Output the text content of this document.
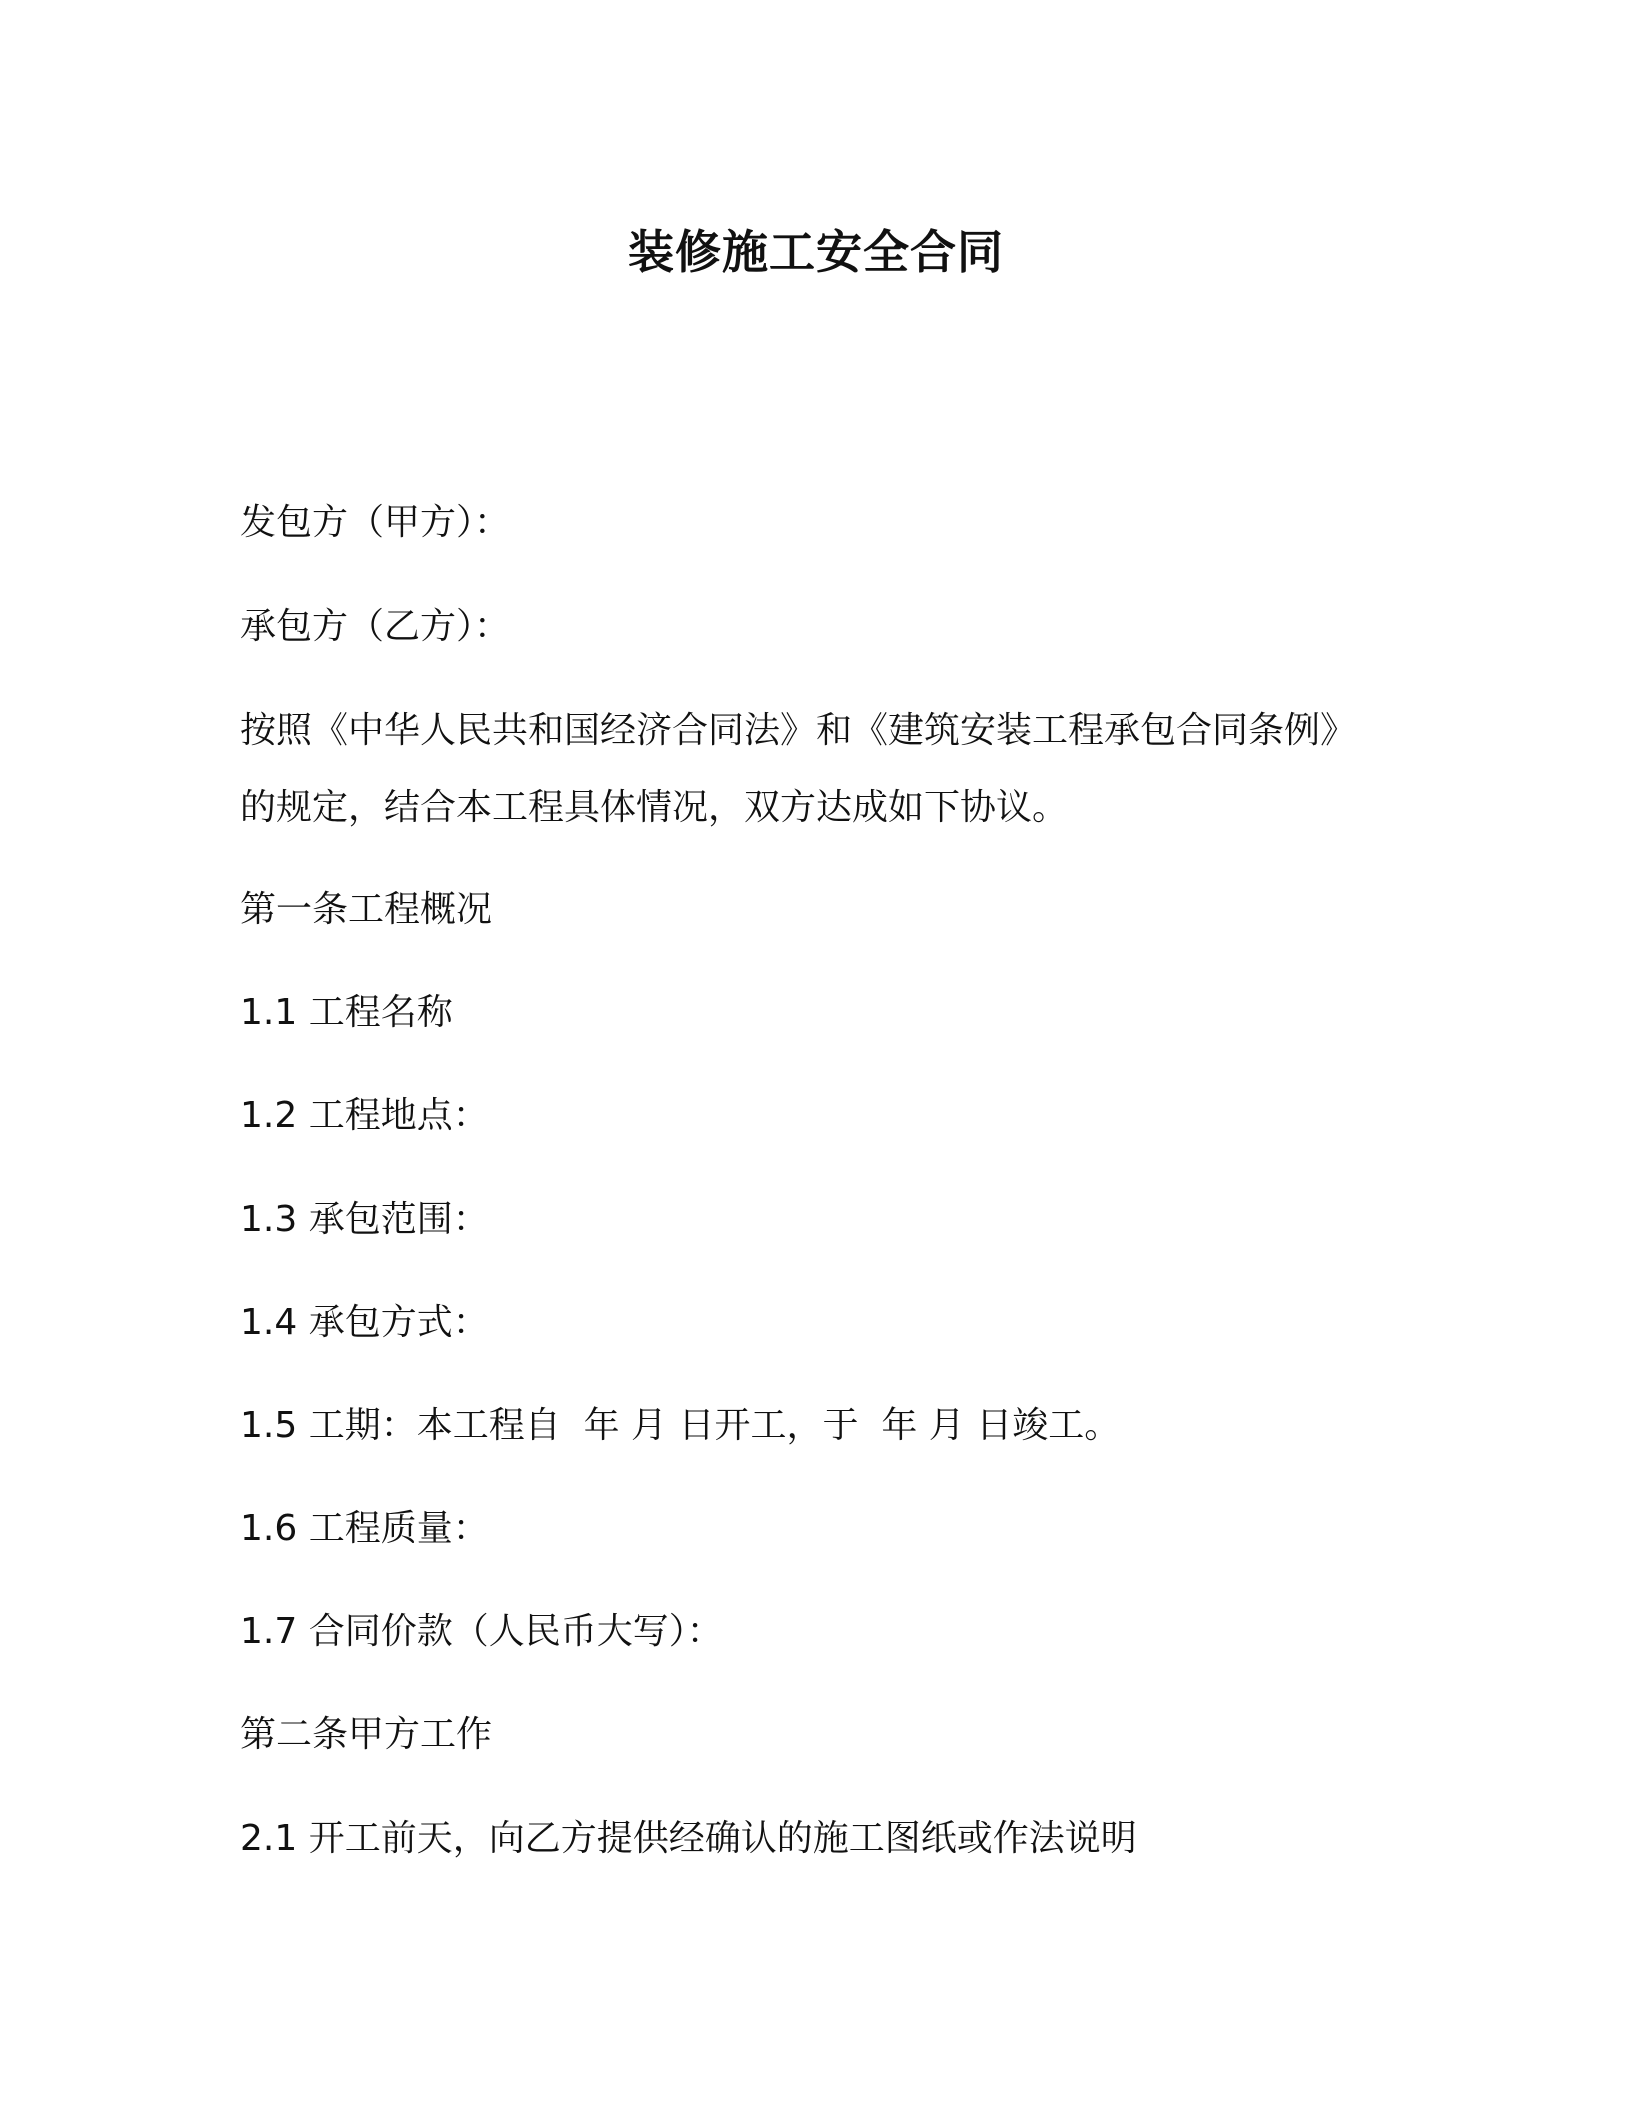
装修施工安全合同
发包方（甲方）：
承包方（乙方）：
按照《中华人民共和国经济合同法》和《建筑安装工程承包合同条例》
的规定，结合本工程具体情况，双方达成如下协议。
第一条工程概况
1.1 工程名称
1.2 工程地点：
1.3 承包范围：
1.4 承包方式：
1.5 工期：本工程自  年 月 日开工，于  年 月 日竣工。
1.6 工程质量：
1.7 合同价款（人民币大写）：
第二条甲方工作
2.1 开工前天，向乙方提供经确认的施工图纸或作法说明
